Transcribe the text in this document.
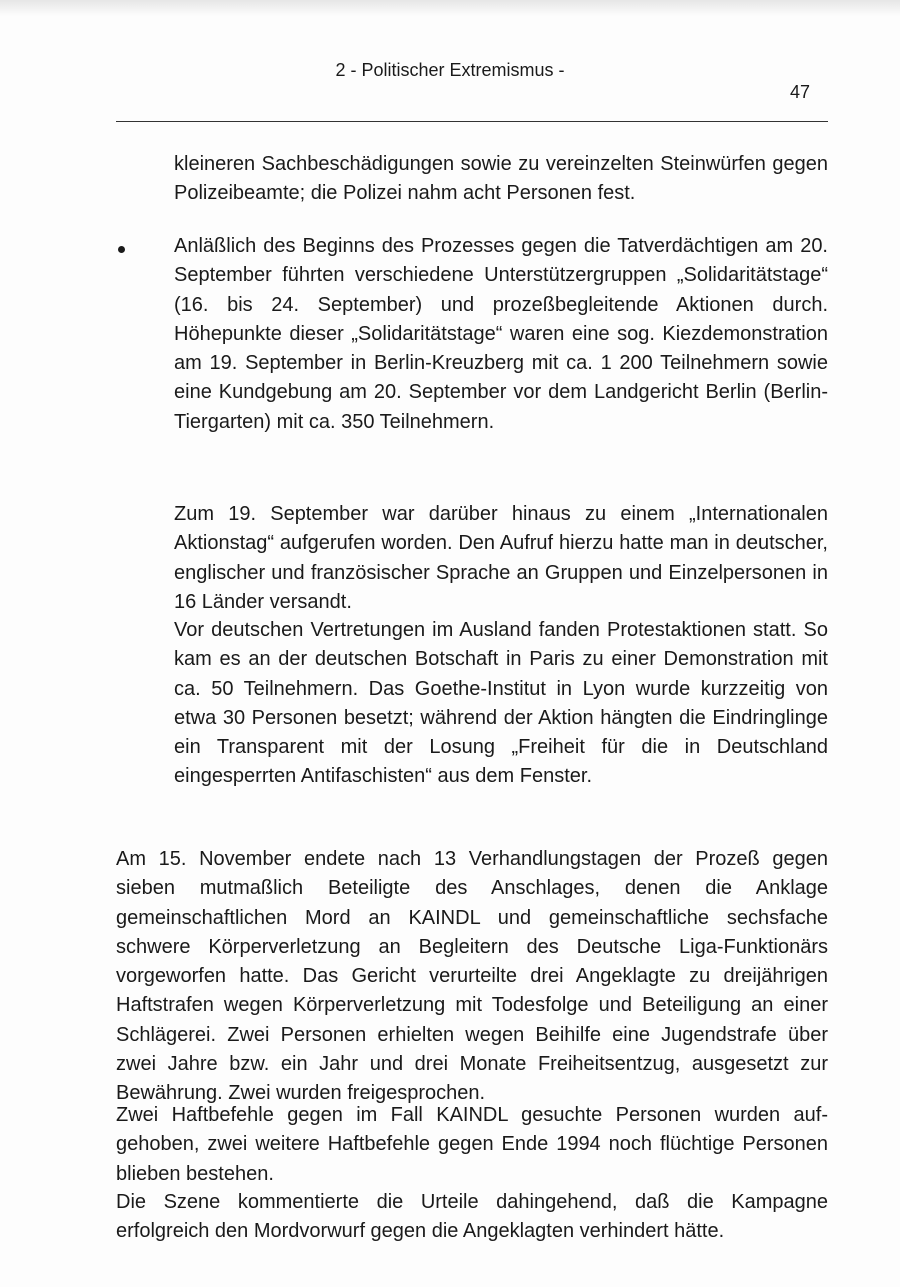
2 - Politischer Extremismus -
47

kleineren Sachbeschädigungen sowie zu vereinzelten Steinwürfen gegen Polizeibeamte; die Polizei nahm acht Personen fest.

Anläßlich des Beginns des Prozesses gegen die Tatverdächtigen am 20. September führten verschiedene Unterstützergruppen „Solidaritätstage“ (16. bis 24. September) und prozeßbegleitende Aktionen durch. Höhepunkte dieser „Solidaritätstage“ waren eine sog. Kiezdemonstration am 19. September in Berlin-Kreuzberg mit ca. 1 200 Teilnehmern sowie eine Kundgebung am 20. September vor dem Landgericht Berlin (Berlin-Tiergarten) mit ca. 350 Teilnehmern.

Zum 19. September war darüber hinaus zu einem „Internationalen Aktionstag“ aufgerufen worden. Den Aufruf hierzu hatte man in deutscher, englischer und französischer Sprache an Gruppen und Einzelpersonen in 16 Länder versandt.

Vor deutschen Vertretungen im Ausland fanden Protestaktionen statt. So kam es an der deutschen Botschaft in Paris zu einer Demonstration mit ca. 50 Teilnehmern. Das Goethe-Institut in Lyon wurde kurzzeitig von etwa 30 Personen besetzt; während der Aktion hängten die Eindringlinge ein Transparent mit der Losung „Freiheit für die in Deutschland eingesperrten Antifaschisten“ aus dem Fenster.

Am 15. November endete nach 13 Verhandlungstagen der Prozeß gegen sieben mutmaßlich Beteiligte des Anschlages, denen die Anklage gemeinschaftlichen Mord an KAINDL und gemeinschaftliche sechsfache schwere Körperverletzung an Begleitern des Deutsche Liga-Funktionärs vorgeworfen hatte. Das Gericht verurteilte drei Angeklagte zu dreijährigen Haftstrafen wegen Körperverletzung mit Todesfolge und Beteiligung an einer Schlägerei. Zwei Personen erhielten wegen Beihilfe eine Jugendstrafe über zwei Jahre bzw. ein Jahr und drei Monate Freiheitsentzug, ausgesetzt zur Bewährung. Zwei wurden freigesprochen.

Zwei Haftbefehle gegen im Fall KAINDL gesuchte Personen wurden aufgehoben, zwei weitere Haftbefehle gegen Ende 1994 noch flüchtige Personen blieben bestehen.

Die Szene kommentierte die Urteile dahingehend, daß die Kampagne erfolgreich den Mordvorwurf gegen die Angeklagten verhindert hätte.
